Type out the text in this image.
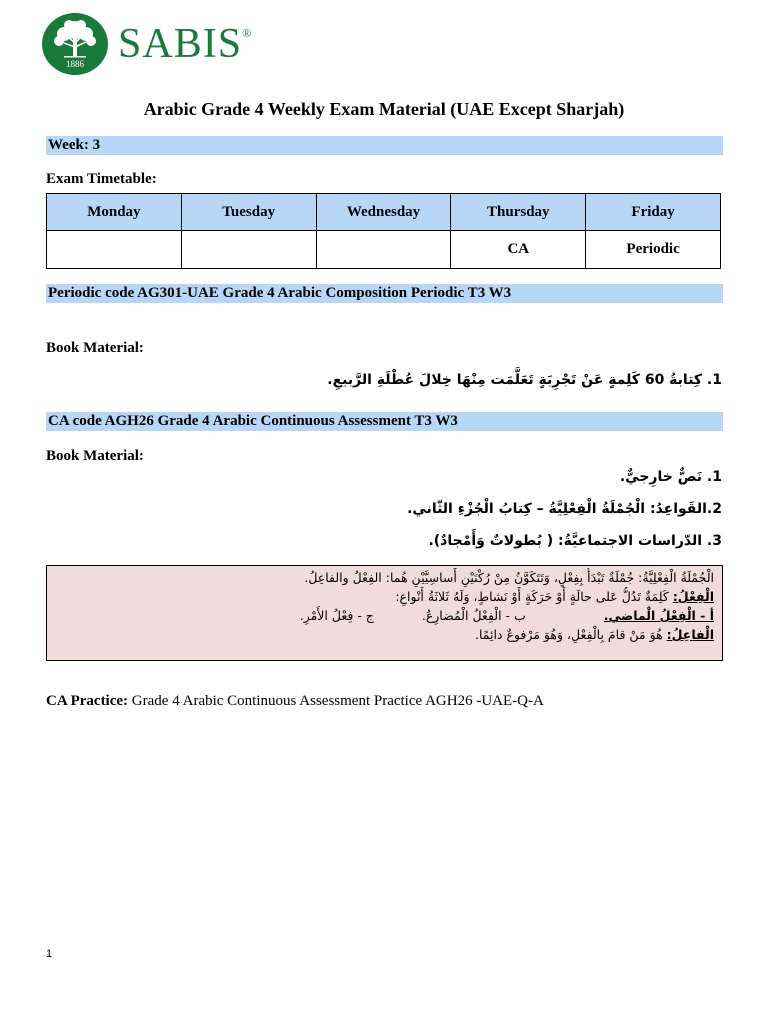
1886 SABIS®
Arabic Grade 4 Weekly Exam Material (UAE Except Sharjah)
Week: 3
Exam Timetable:
Monday	Tuesday	Wednesday	Thursday	Friday
			CA	Periodic
Periodic code AG301-UAE Grade 4 Arabic Composition Periodic T3 W3
Book Material:
1. كِتابةُ 60 كَلِمةٍ عَنْ تَجْرِبَةٍ تَعَلَّمَت مِنْهَا خِلالَ عُطْلَةِ الرَّبيعِ.
CA code AGH26 Grade 4 Arabic Continuous Assessment T3 W3
Book Material:
1. نَصٌّ خارِجيٌّ.
2.القَواعِدُ: الْجُمْلَةُ الْفِعْلِيَّةُ – كِتابُ الْجُزْءِ الثّاني.
3. الدّراسات الاجتماعيَّةُ: ( بُطولاتٌ وَأَمْجادٌ).
الْجُمْلَةُ الْفِعْلِيَّةُ: جُمْلَةٌ تَبْدَأُ بِفِعْلٍ، وَتَتَكَوَّنُ مِنْ رُكْنَيْنِ أَساسِيَّيْنِ هُما: الفِعْلُ والفاعِلُ.
الْفِعْلُ: كَلِمَةٌ تَدُلُّ عَلى حالَةٍ أَوْ حَرَكَةٍ أَوْ نَشاطٍ، وَلَهُ ثَلاثَةُ أَنْواعٍ:
أ - الْفِعْلُ الْماضي.  ب - الْفِعْلُ الْمُضارِعُ.  ج - فِعْلُ الأَمْرِ.
الْفاعِلُ: هُوَ مَنْ قامَ بِالْفِعْلِ، وَهُوَ مَرْفوعٌ دائِمًا.
CA Practice: Grade 4 Arabic Continuous Assessment Practice AGH26 -UAE-Q-A
1
